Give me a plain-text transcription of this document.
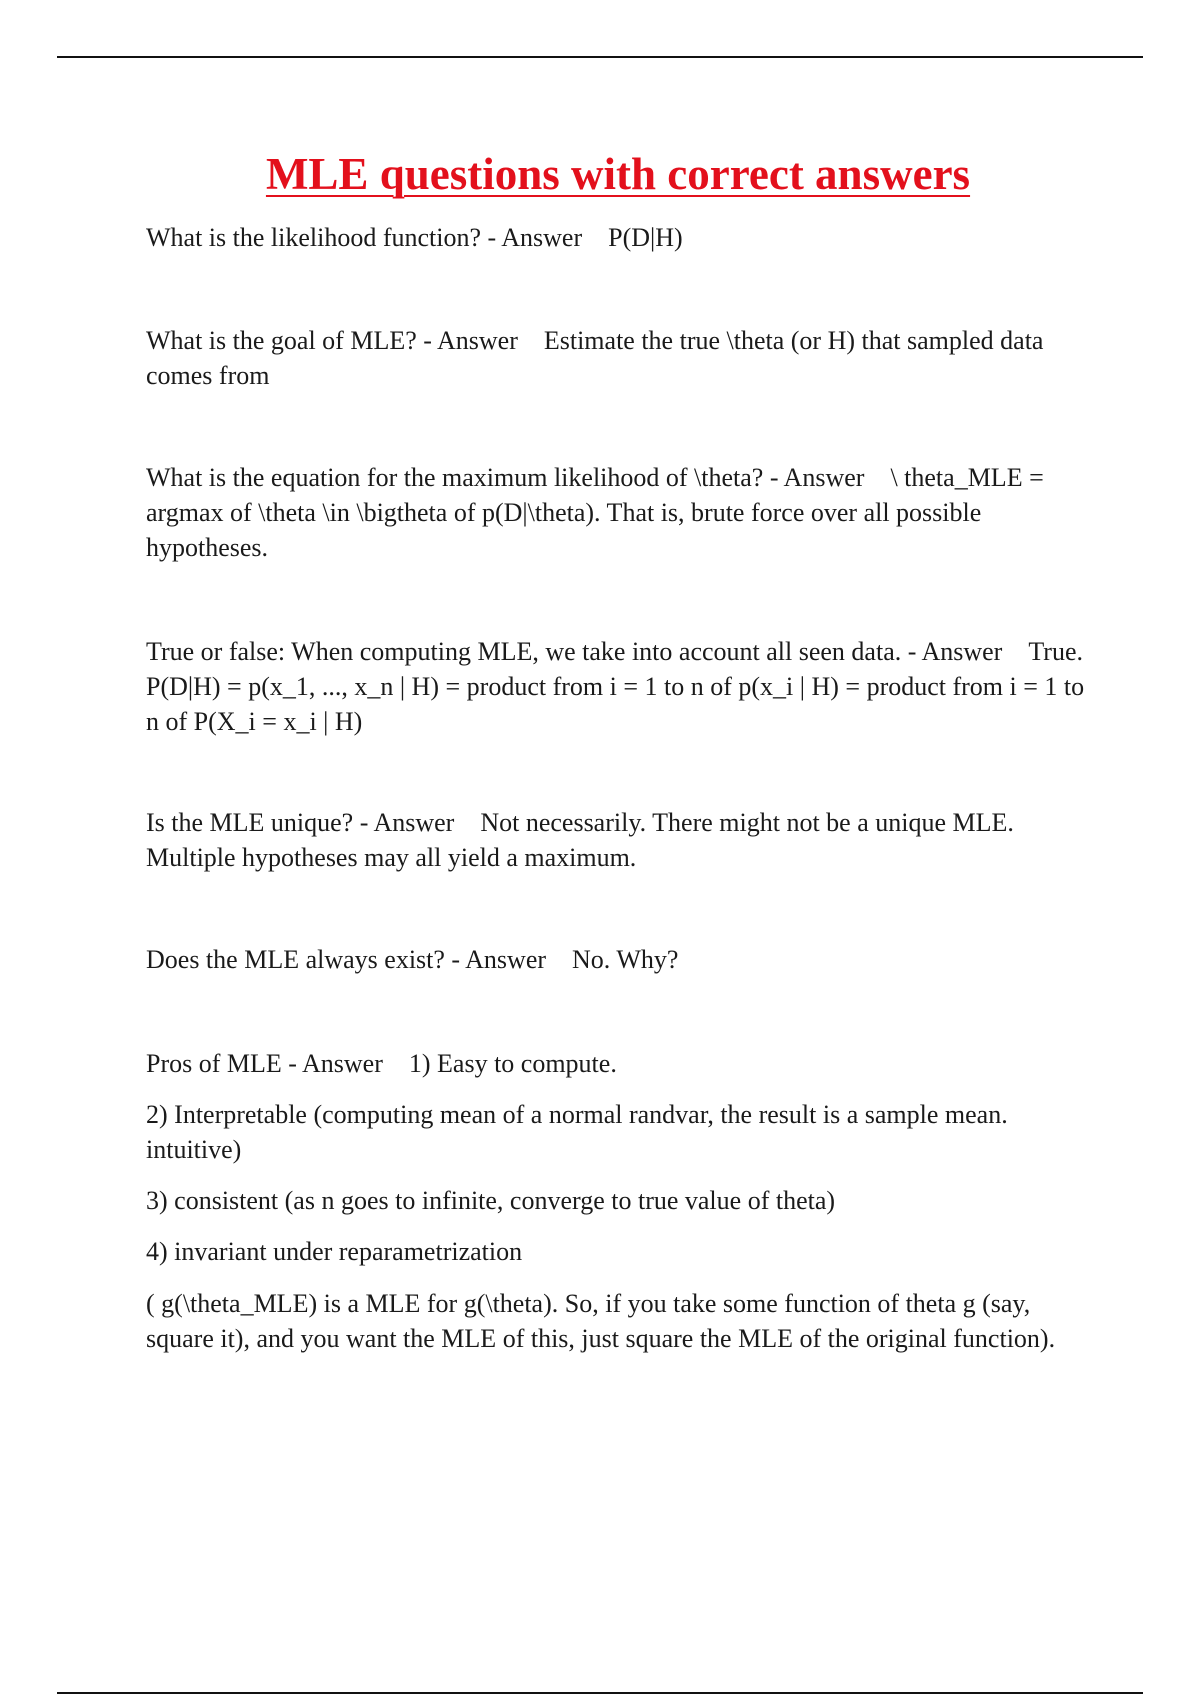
MLE questions with correct answers

What is the likelihood function? - Answer P(D|H)

What is the goal of MLE? - Answer Estimate the true \theta (or H) that sampled data comes from

What is the equation for the maximum likelihood of \theta? - Answer \ theta_MLE = argmax of \theta \in \bigtheta of p(D|\theta). That is, brute force over all possible hypotheses.

True or false: When computing MLE, we take into account all seen data. - Answer True. P(D|H) = p(x_1, ..., x_n | H) = product from i = 1 to n of p(x_i | H) = product from i = 1 to n of P(X_i = x_i | H)

Is the MLE unique? - Answer Not necessarily. There might not be a unique MLE. Multiple hypotheses may all yield a maximum.

Does the MLE always exist? - Answer No. Why?

Pros of MLE - Answer 1) Easy to compute.

2) Interpretable (computing mean of a normal randvar, the result is a sample mean. intuitive)

3) consistent (as n goes to infinite, converge to true value of theta)

4) invariant under reparametrization

( g(\theta_MLE) is a MLE for g(\theta). So, if you take some function of theta g (say, square it), and you want the MLE of this, just square the MLE of the original function).
